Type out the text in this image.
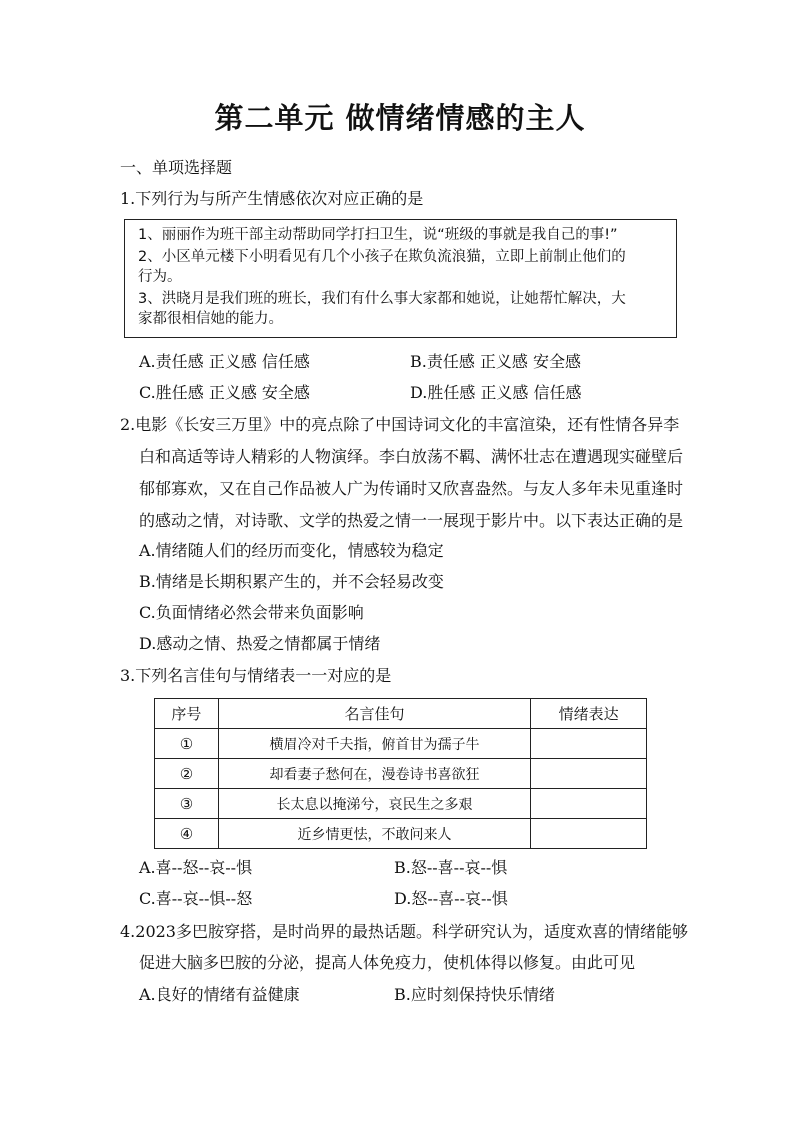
第二单元 做情绪情感的主人
一、单项选择题
1.下列行为与所产生情感依次对应正确的是
1、丽丽作为班干部主动帮助同学打扫卫生，说“班级的事就是我自己的事!”
2、小区单元楼下小明看见有几个小孩子在欺负流浪猫，立即上前制止他们的
行为。
3、洪晓月是我们班的班长，我们有什么事大家都和她说，让她帮忙解决，大
家都很相信她的能力。
A.责任感 正义感 信任感	B.责任感 正义感 安全感
C.胜任感 正义感 安全感	D.胜任感 正义感 信任感
2.电影《长安三万里》中的亮点除了中国诗词文化的丰富渲染，还有性情各异李
白和高适等诗人精彩的人物演绎。李白放荡不羁、满怀壮志在遭遇现实碰壁后
郁郁寡欢，又在自己作品被人广为传诵时又欣喜盎然。与友人多年未见重逢时
的感动之情，对诗歌、文学的热爱之情一一展现于影片中。以下表达正确的是
A.情绪随人们的经历而变化，情感较为稳定
B.情绪是长期积累产生的，并不会轻易改变
C.负面情绪必然会带来负面影响
D.感动之情、热爱之情都属于情绪
3.下列名言佳句与情绪表一一对应的是
序号	名言佳句	情绪表达
①	横眉冷对千夫指，俯首甘为孺子牛	
②	却看妻子愁何在，漫卷诗书喜欲狂	
③	长太息以掩涕兮，哀民生之多艰	
④	近乡情更怯，不敢问来人	
A.喜--怒--哀--惧	B.怒--喜--哀--惧
C.喜--哀--惧--怒	D.怒--喜--哀--惧
4.2023多巴胺穿搭，是时尚界的最热话题。科学研究认为，适度欢喜的情绪能够
促进大脑多巴胺的分泌，提高人体免疫力，使机体得以修复。由此可见
A.良好的情绪有益健康	B.应时刻保持快乐情绪
